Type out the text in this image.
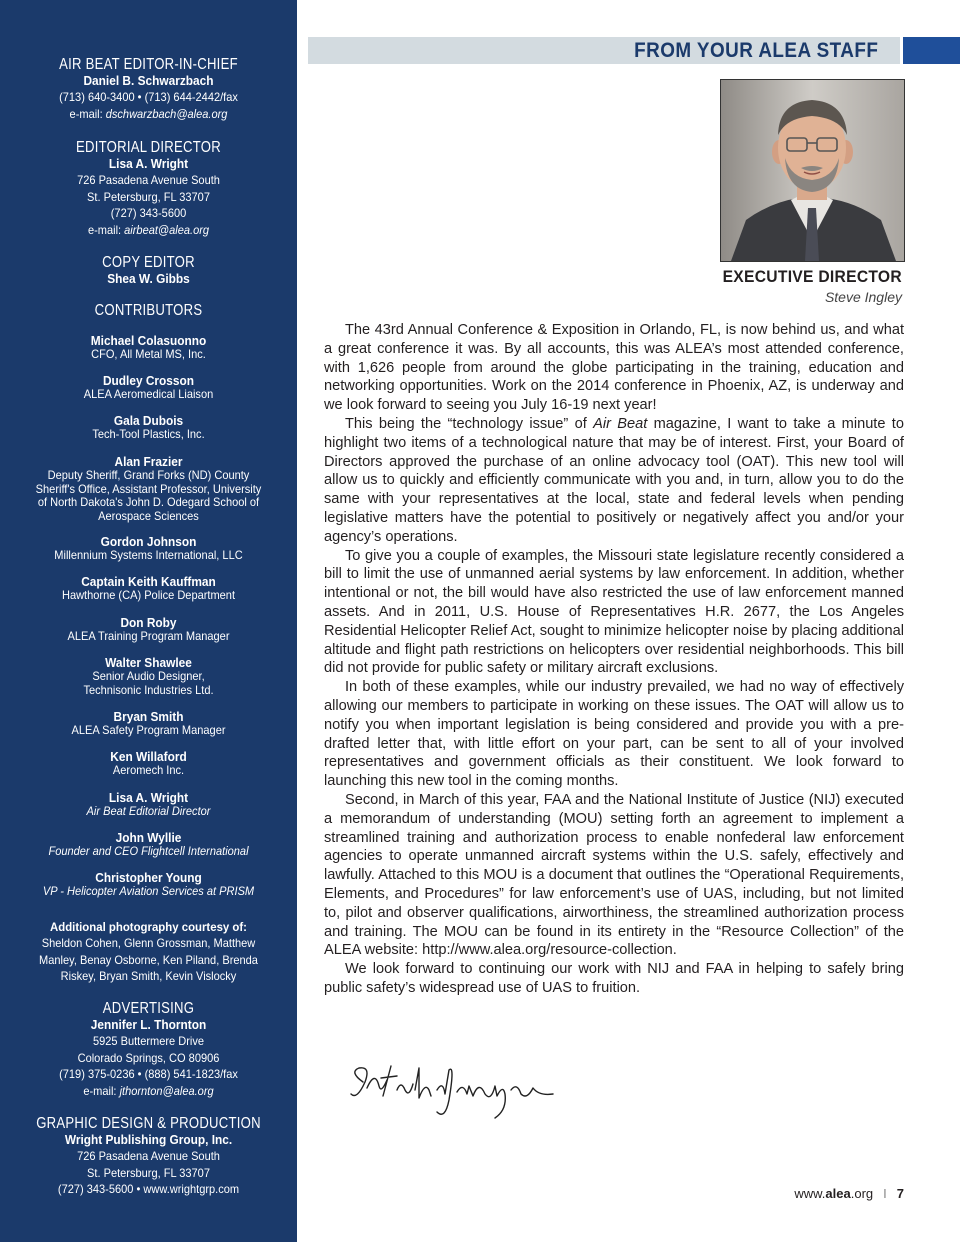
AIR BEAT EDITOR-IN-CHIEF
Daniel B. Schwarzbach
(713) 640-3400 • (713) 644-2442/fax
e-mail: dschwarzbach@alea.org
EDITORIAL DIRECTOR
Lisa A. Wright
726 Pasadena Avenue South
St. Petersburg, FL 33707
(727) 343-5600
e-mail: airbeat@alea.org
COPY EDITOR
Shea W. Gibbs
CONTRIBUTORS
Michael Colasuonno
CFO, All Metal MS, Inc.
Dudley Crosson
ALEA Aeromedical Liaison
Gala Dubois
Tech-Tool Plastics, Inc.
Alan Frazier
Deputy Sheriff, Grand Forks (ND) County Sheriff's Office, Assistant Professor, University of North Dakota's John D. Odegard School of Aerospace Sciences
Gordon Johnson
Millennium Systems International, LLC
Captain Keith Kauffman
Hawthorne (CA) Police Department
Don Roby
ALEA Training Program Manager
Walter Shawlee
Senior Audio Designer, Technisonic Industries Ltd.
Bryan Smith
ALEA Safety Program Manager
Ken Willaford
Aeromech Inc.
Lisa A. Wright
Air Beat Editorial Director
John Wyllie
Founder and CEO Flightcell International
Christopher Young
VP - Helicopter Aviation Services at PRISM
Additional photography courtesy of:
Sheldon Cohen, Glenn Grossman, Matthew
Manley, Benay Osborne, Ken Piland, Brenda
Riskey, Bryan Smith, Kevin Vislocky
ADVERTISING
Jennifer L. Thornton
5925 Buttermere Drive
Colorado Springs, CO 80906
(719) 375-0236 • (888) 541-1823/fax
e-mail: jthornton@alea.org
GRAPHIC DESIGN & PRODUCTION
Wright Publishing Group, Inc.
726 Pasadena Avenue South
St. Petersburg, FL 33707
(727) 343-5600 • www.wrightgrp.com
FROM YOUR ALEA STAFF
EXECUTIVE DIRECTOR
Steve Ingley

The 43rd Annual Conference & Exposition in Orlando, FL, is now behind us, and what a great conference it was. By all accounts, this was ALEA’s most attended conference, with 1,626 people from around the globe participating in the training, education and networking opportunities. Work on the 2014 conference in Phoenix, AZ, is underway and we look forward to seeing you July 16-19 next year!

This being the “technology issue” of Air Beat magazine, I want to take a minute to highlight two items of a technological nature that may be of interest. First, your Board of Directors approved the purchase of an online advocacy tool (OAT). This new tool will allow us to quickly and efficiently communicate with you and, in turn, allow you to do the same with your representatives at the local, state and federal levels when pending legislative matters have the potential to positively or negatively affect you and/or your agency’s operations.

To give you a couple of examples, the Missouri state legislature recently considered a bill to limit the use of unmanned aerial systems by law enforcement. In addition, whether intentional or not, the bill would have also restricted the use of law enforcement manned assets. And in 2011, U.S. House of Representatives H.R. 2677, the Los Angeles Residential Helicopter Relief Act, sought to minimize helicopter noise by placing additional altitude and flight path restrictions on helicopters over residential neighborhoods. This bill did not provide for public safety or military aircraft exclusions.

In both of these examples, while our industry prevailed, we had no way of effectively allowing our members to participate in working on these issues. The OAT will allow us to notify you when important legislation is being considered and provide you with a pre-drafted letter that, with little effort on your part, can be sent to all of your involved representatives and government officials as their constituent. We look forward to launching this new tool in the coming months.

Second, in March of this year, FAA and the National Institute of Justice (NIJ) executed a memorandum of understanding (MOU) setting forth an agreement to implement a streamlined training and authorization process to enable nonfederal law enforcement agencies to operate unmanned aircraft systems within the U.S. safely, effectively and lawfully. Attached to this MOU is a document that outlines the “Operational Requirements, Elements, and Procedures” for law enforcement’s use of UAS, including, but not limited to, pilot and observer qualifications, airworthiness, the streamlined authorization process and training. The MOU can be found in its entirety in the “Resource Collection” of the ALEA website: http://www.alea.org/resource-collection.

We look forward to continuing our work with NIJ and FAA in helping to safely bring public safety’s widespread use of UAS to fruition.

www.alea.org I 7
